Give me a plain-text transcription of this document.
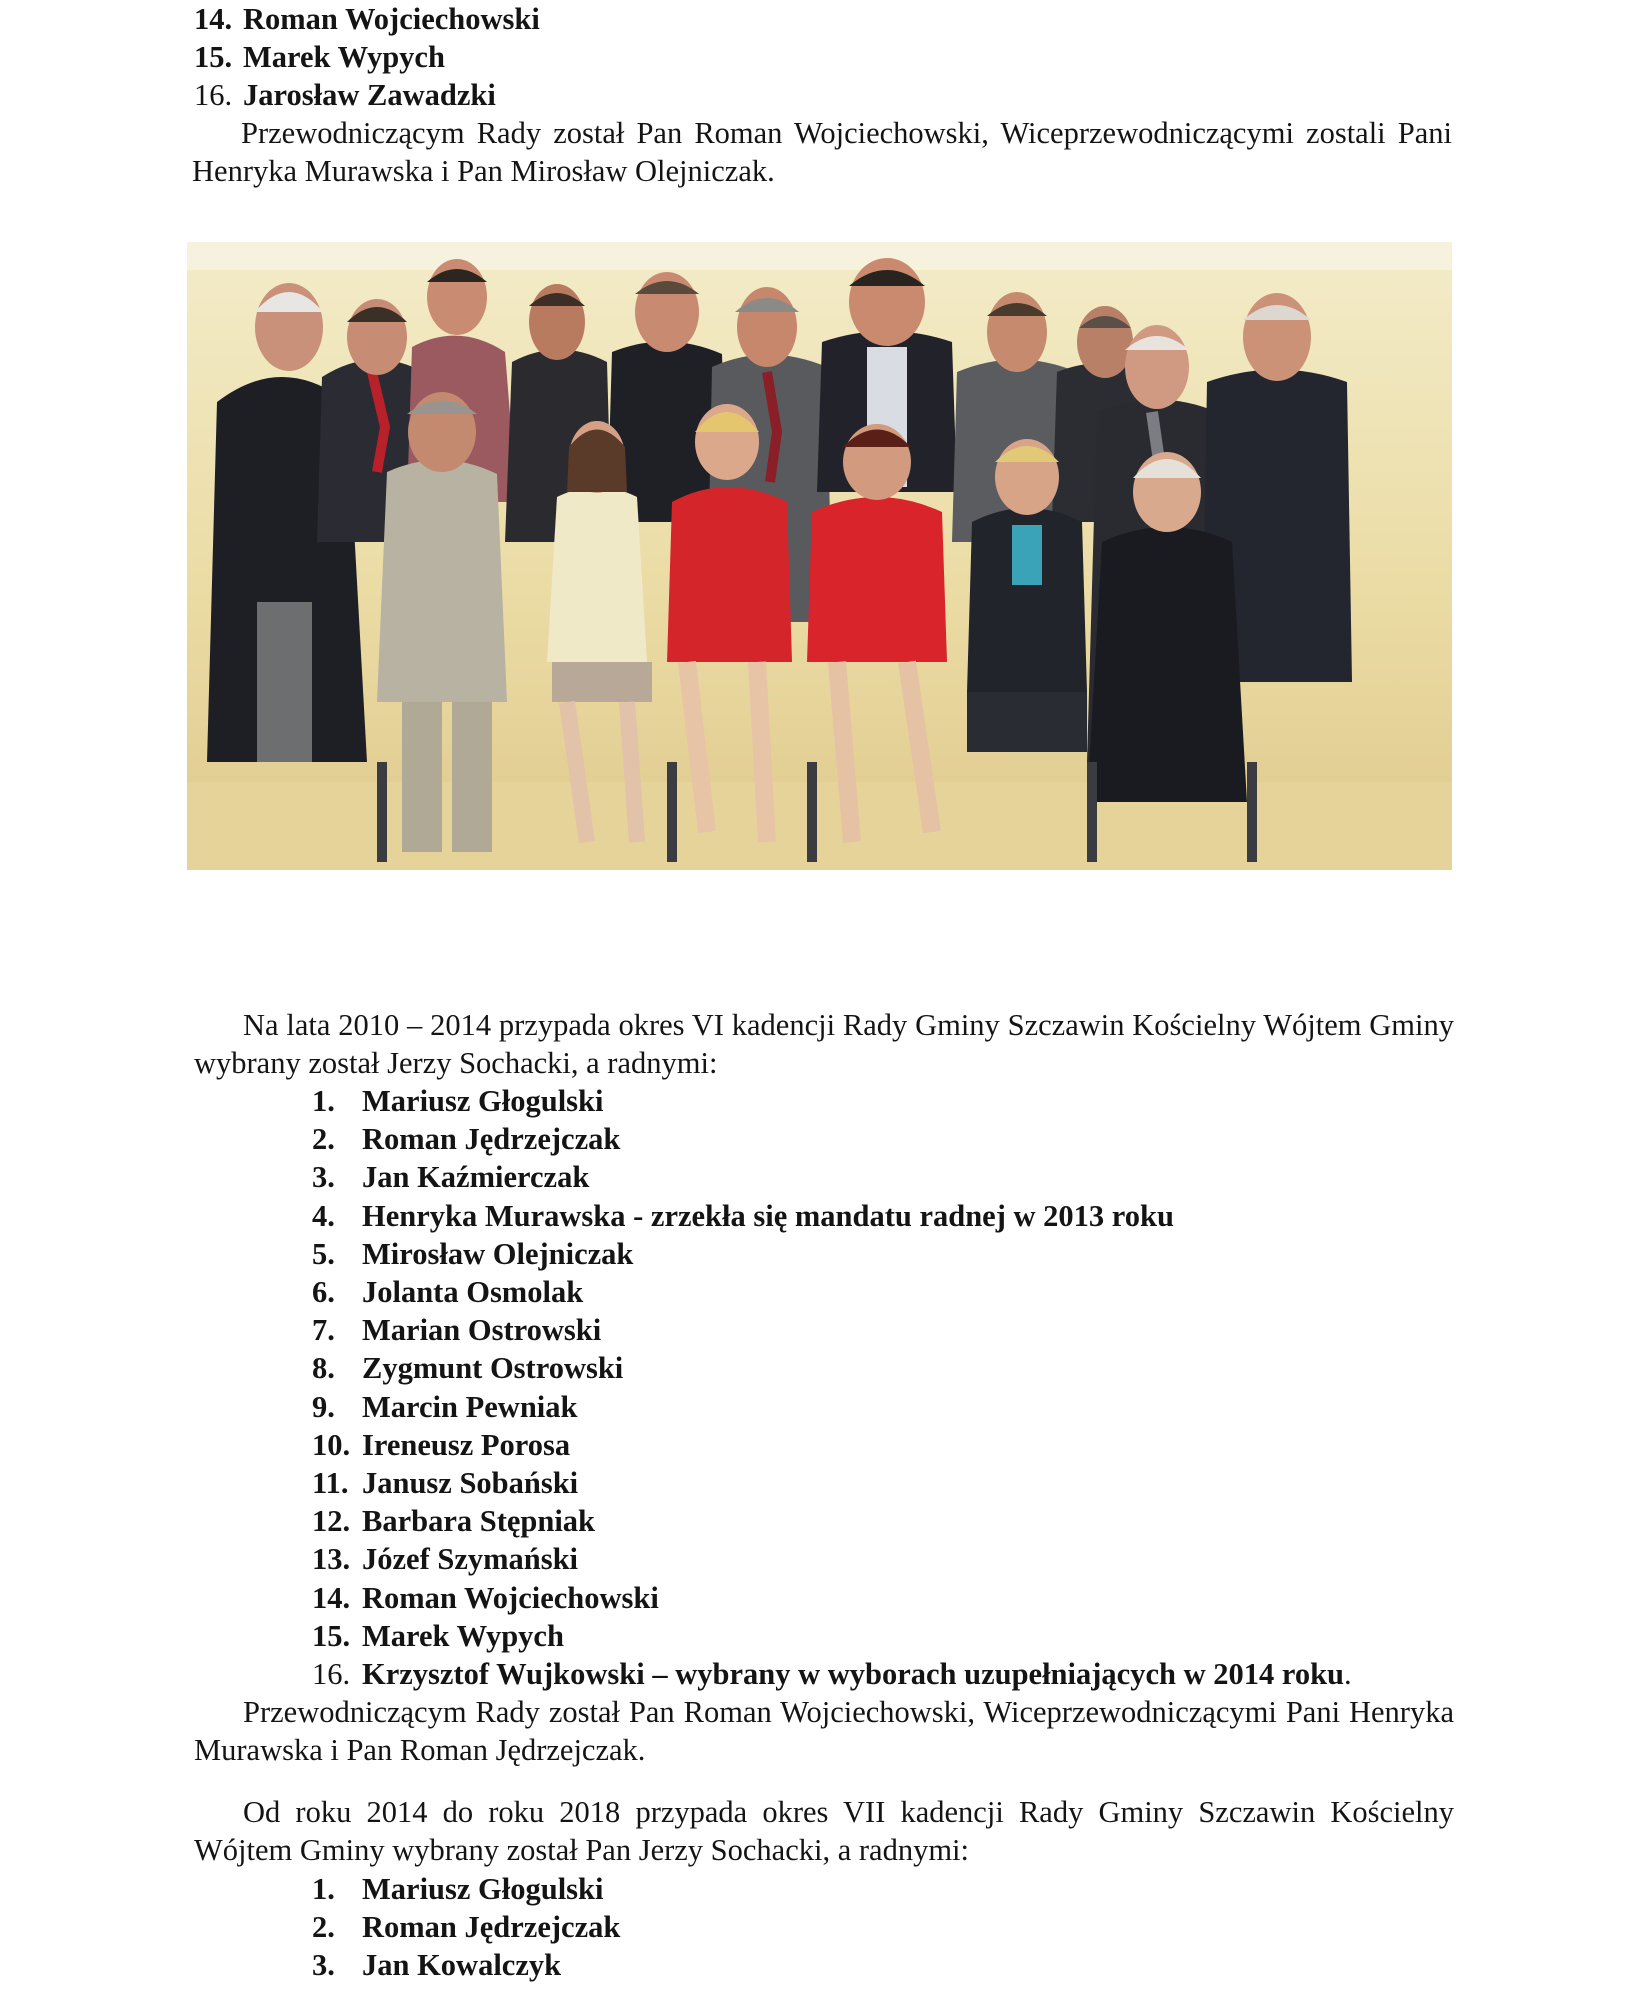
14. Roman Wojciechowski
15. Marek Wypych
16. Jarosław Zawadzki

Przewodniczącym Rady został Pan Roman Wojciechowski, Wiceprzewodniczącymi zostali Pani Henryka Murawska i Pan Mirosław Olejniczak.

Na lata 2010 – 2014 przypada okres VI kadencji Rady Gminy Szczawin Kościelny Wójtem Gminy wybrany został Jerzy Sochacki, a radnymi:

1. Mariusz Głogulski
2. Roman Jędrzejczak
3. Jan Kaźmierczak
4. Henryka Murawska - zrzekła się mandatu radnej w 2013 roku
5. Mirosław Olejniczak
6. Jolanta Osmolak
7. Marian Ostrowski
8. Zygmunt Ostrowski
9. Marcin Pewniak
10. Ireneusz Porosa
11. Janusz Sobański
12. Barbara Stępniak
13. Józef Szymański
14. Roman Wojciechowski
15. Marek Wypych
16. Krzysztof Wujkowski – wybrany w wyborach uzupełniających w 2014 roku .

Przewodniczącym Rady został Pan Roman Wojciechowski, Wiceprzewodniczącymi Pani Henryka Murawska i Pan Roman Jędrzejczak.

Od roku 2014 do roku 2018 przypada okres VII kadencji Rady Gminy Szczawin Kościelny Wójtem Gminy wybrany został Pan Jerzy Sochacki, a radnymi:

1. Mariusz Głogulski
2. Roman Jędrzejczak
3. Jan Kowalczyk
